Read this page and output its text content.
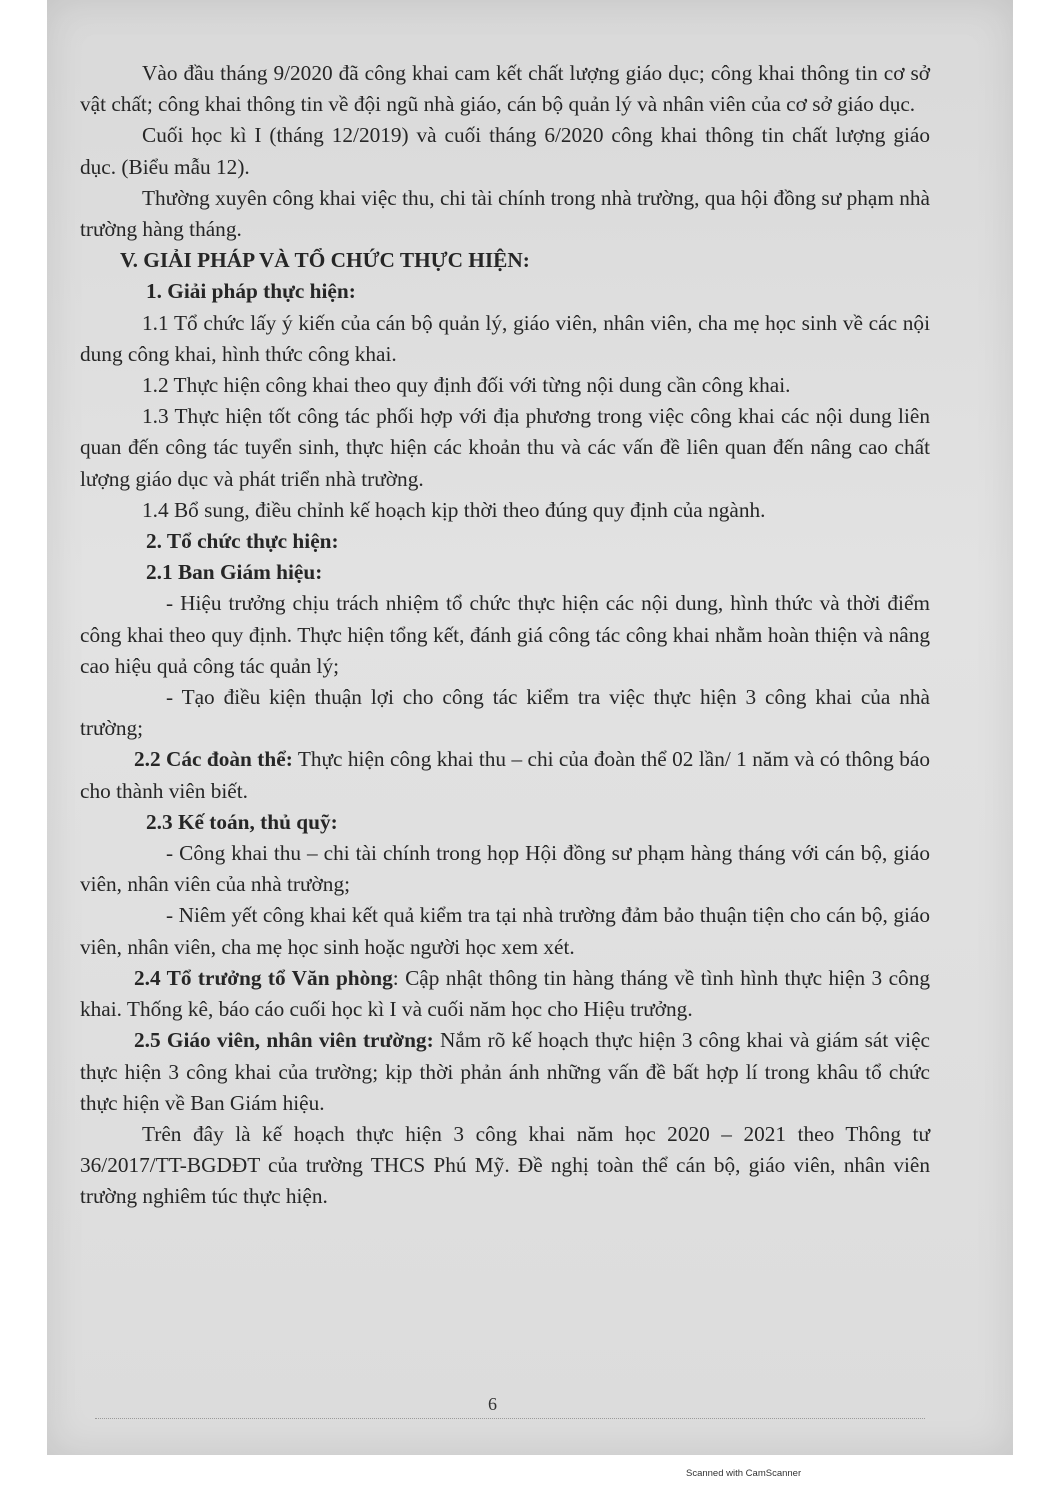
Vào đầu tháng 9/2020 đã công khai cam kết chất lượng giáo dục; công khai thông tin cơ sở vật chất; công khai thông tin về đội ngũ nhà giáo, cán bộ quản lý và nhân viên của cơ sở giáo dục.

Cuối học kì I (tháng 12/2019) và cuối tháng 6/2020 công khai thông tin chất lượng giáo dục. (Biểu mẫu 12).

Thường xuyên công khai việc thu, chi tài chính trong nhà trường, qua hội đồng sư phạm nhà trường hàng tháng.

V. GIẢI PHÁP VÀ TỔ CHỨC THỰC HIỆN:

1. Giải pháp thực hiện:

1.1 Tổ chức lấy ý kiến của cán bộ quản lý, giáo viên, nhân viên, cha mẹ học sinh về các nội dung công khai, hình thức công khai.

1.2 Thực hiện công khai theo quy định đối với từng nội dung cần công khai.

1.3 Thực hiện tốt công tác phối hợp với địa phương trong việc công khai các nội dung liên quan đến công tác tuyển sinh, thực hiện các khoản thu và các vấn đề liên quan đến nâng cao chất lượng giáo dục và phát triển nhà trường.

1.4 Bổ sung, điều chỉnh kế hoạch kịp thời theo đúng quy định của ngành.

2. Tổ chức thực hiện:

2.1 Ban Giám hiệu:

- Hiệu trưởng chịu trách nhiệm tổ chức thực hiện các nội dung, hình thức và thời điểm công khai theo quy định. Thực hiện tổng kết, đánh giá công tác công khai nhằm hoàn thiện và nâng cao hiệu quả công tác quản lý;

- Tạo điều kiện thuận lợi cho công tác kiểm tra việc thực hiện 3 công khai của nhà trường;

2.2 Các đoàn thể: Thực hiện công khai thu – chi của đoàn thể 02 lần/ 1 năm và có thông báo cho thành viên biết.

2.3 Kế toán, thủ quỹ:

- Công khai thu – chi tài chính trong họp Hội đồng sư phạm hàng tháng với cán bộ, giáo viên, nhân viên của nhà trường;

- Niêm yết công khai kết quả kiểm tra tại nhà trường đảm bảo thuận tiện cho cán bộ, giáo viên, nhân viên, cha mẹ học sinh hoặc người học xem xét.

2.4 Tổ trưởng tổ Văn phòng: Cập nhật thông tin hàng tháng về tình hình thực hiện 3 công khai. Thống kê, báo cáo cuối học kì I và cuối năm học cho Hiệu trưởng.

2.5 Giáo viên, nhân viên trường: Nắm rõ kế hoạch thực hiện 3 công khai và giám sát việc thực hiện 3 công khai của trường; kịp thời phản ánh những vấn đề bất hợp lí trong khâu tổ chức thực hiện về Ban Giám hiệu.

Trên đây là kế hoạch thực hiện 3 công khai năm học 2020 – 2021 theo Thông tư 36/2017/TT-BGDĐT của trường THCS Phú Mỹ. Đề nghị toàn thể cán bộ, giáo viên, nhân viên trường nghiêm túc thực hiện.

6
Scanned with CamScanner
